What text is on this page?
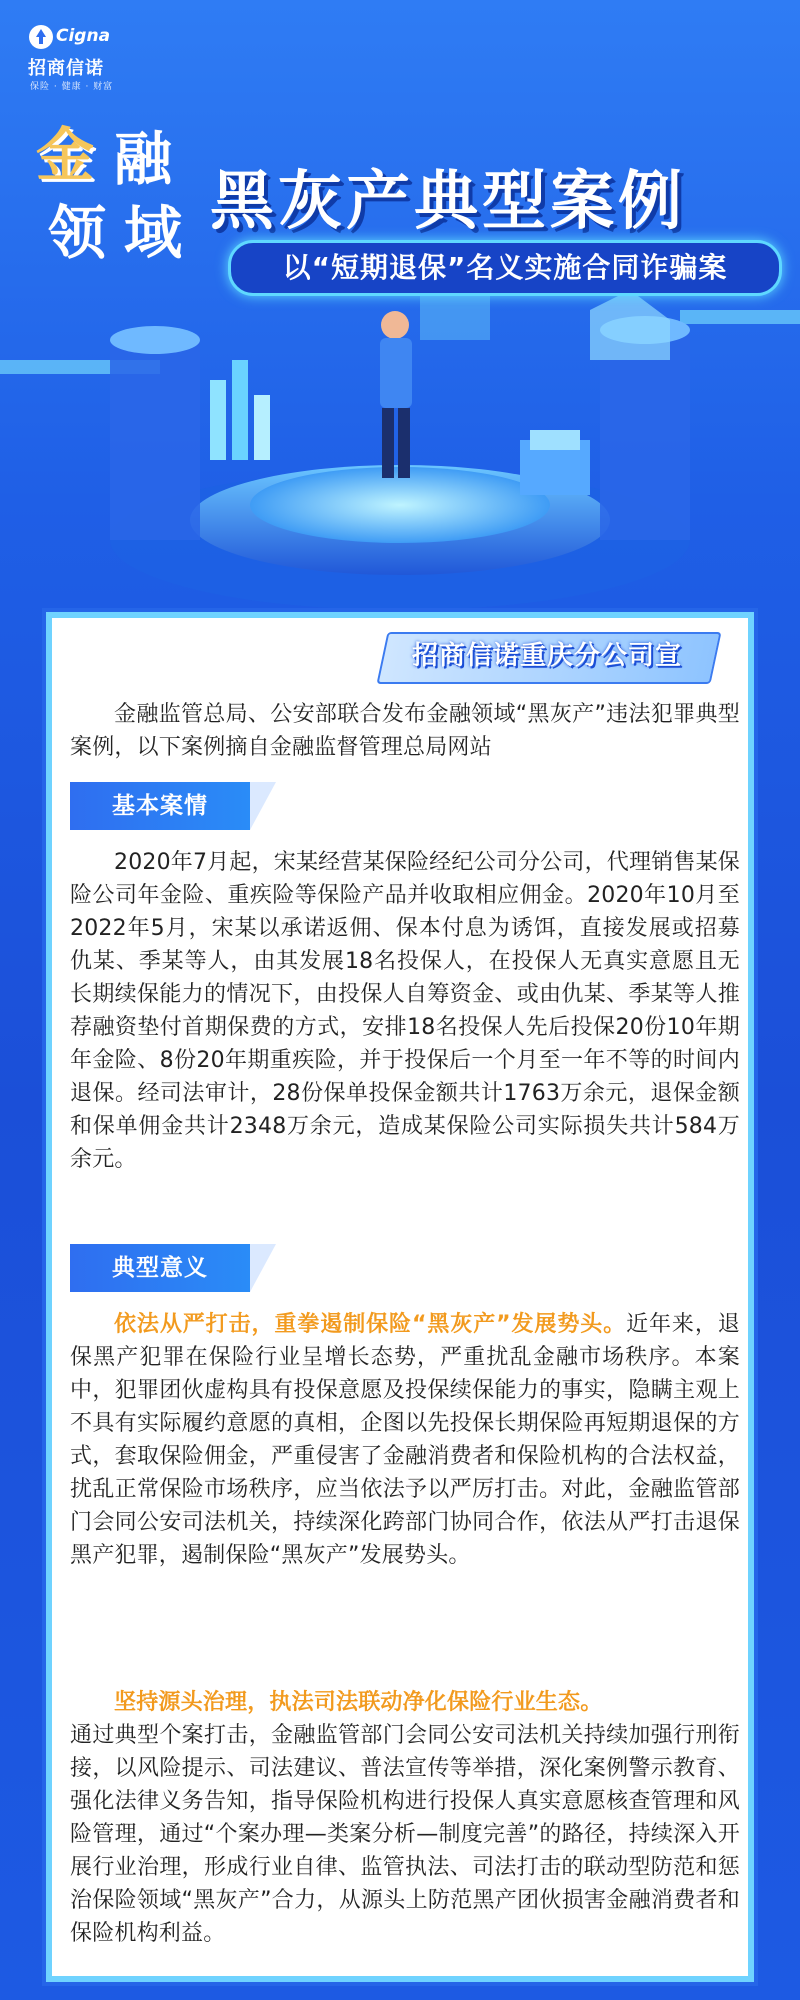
Cigna
招商信诺
保险 · 健康 · 财富
金 融
领 域 黑灰产典型案例
以“短期退保”名义实施合同诈骗案
招商信诺重庆分公司宣
金融监管总局、公安部联合发布金融领域“黑灰产”违法犯罪典型案例，以下案例摘自金融监督管理总局网站
基本案情
2020年7月起，宋某经营某保险经纪公司分公司，代理销售某保险公司年金险、重疾险等保险产品并收取相应佣金。2020年10月至2022年5月，宋某以承诺返佣、保本付息为诱饵，直接发展或招募仇某、季某等人，由其发展18名投保人，在投保人无真实意愿且无长期续保能力的情况下，由投保人自筹资金、或由仇某、季某等人推荐融资垫付首期保费的方式，安排18名投保人先后投保20份10年期年金险、8份20年期重疾险，并于投保后一个月至一年不等的时间内退保。经司法审计，28份保单投保金额共计1763万余元，退保金额和保单佣金共计2348万余元，造成某保险公司实际损失共计584万余元。
典型意义
依法从严打击，重拳遏制保险“黑灰产”发展势头。近年来，退保黑产犯罪在保险行业呈增长态势，严重扰乱金融市场秩序。本案中，犯罪团伙虚构具有投保意愿及投保续保能力的事实，隐瞒主观上不具有实际履约意愿的真相，企图以先投保长期保险再短期退保的方式，套取保险佣金，严重侵害了金融消费者和保险机构的合法权益，扰乱正常保险市场秩序，应当依法予以严厉打击。对此，金融监管部门会同公安司法机关，持续深化跨部门协同合作，依法从严打击退保黑产犯罪，遏制保险“黑灰产”发展势头。
坚持源头治理，执法司法联动净化保险行业生态。
通过典型个案打击，金融监管部门会同公安司法机关持续加强行刑衔接，以风险提示、司法建议、普法宣传等举措，深化案例警示教育、强化法律义务告知，指导保险机构进行投保人真实意愿核查管理和风险管理，通过“个案办理—类案分析—制度完善”的路径，持续深入开展行业治理，形成行业自律、监管执法、司法打击的联动型防范和惩治保险领域“黑灰产”合力，从源头上防范黑产团伙损害金融消费者和保险机构利益。
